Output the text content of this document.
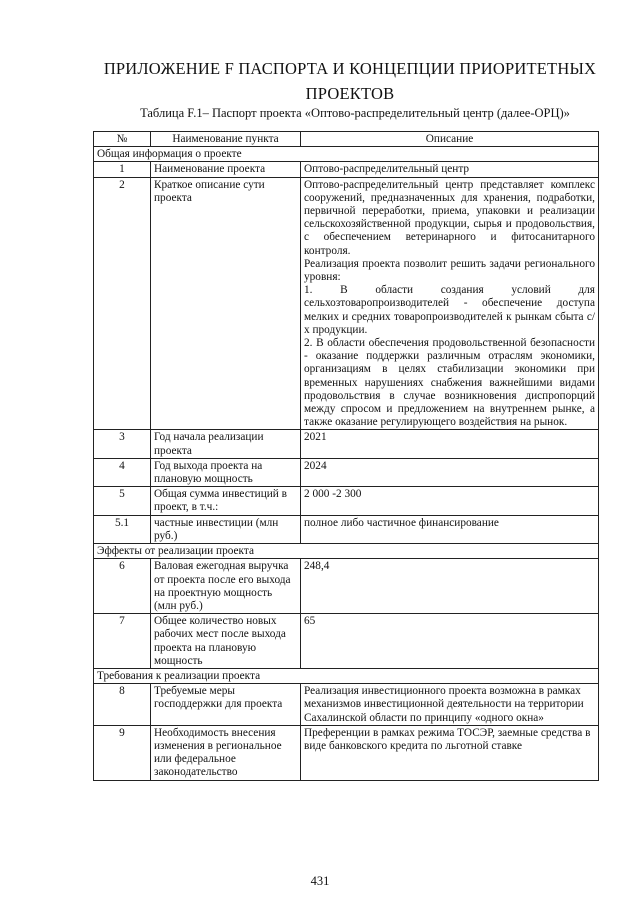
ПРИЛОЖЕНИЕ F ПАСПОРТА И КОНЦЕПЦИИ ПРИОРИТЕТНЫХ ПРОЕКТОВ
Таблица F.1– Паспорт проекта «Оптово-распределительный центр (далее-ОРЦ)»
№	Наименование пункта	Описание
Общая информация о проекте		
1	Наименование проекта	Оптово-распределительный центр
2	Краткое описание сути проекта	Оптово-распределительный центр представляет комплекс сооружений, предназначенных для хранения, подработки, первичной переработки, приема, упаковки и реализации сельскохозяйственной продукции, сырья и продовольствия, с обеспечением ветеринарного и фитосанитарного контроля.
Реализация проекта позволит решить задачи регионального уровня:
1. В области создания условий для сельхозтоваропроизводителей - обеспечение доступа мелких и средних товаропроизводителей к рынкам сбыта с/х продукции.
2. В области обеспечения продовольственной безопасности - оказание поддержки различным отраслям экономики, организациям в целях стабилизации экономики при временных нарушениях снабжения важнейшими видами продовольствия в случае возникновения диспропорций между спросом и предложением на внутреннем рынке, а также оказание регулирующего воздействия на рынок.

3	Год начала реализации проекта	2021
4	Год выхода проекта на плановую мощность	2024
5	Общая сумма инвестиций в проект, в т.ч.:	2 000 -2 300
5.1	частные инвестиции (млн руб.)	полное либо частичное финансирование
Эффекты от реализации проекта		
6	Валовая ежегодная выручка от проекта после его выхода на проектную мощность (млн руб.)	248,4
7	Общее количество новых рабочих мест после выхода проекта на плановую мощность	65
Требования к реализации проекта		
8	Требуемые меры господдержки для проекта	Реализация инвестиционного проекта возможна в рамках механизмов инвестиционной деятельности на территории Сахалинской области по принципу «одного окна»
9	Необходимость внесения изменения в региональное или федеральное законодательство	Преференции в рамках режима ТОСЭР, заемные средства в виде банковского кредита по льготной ставке
431
